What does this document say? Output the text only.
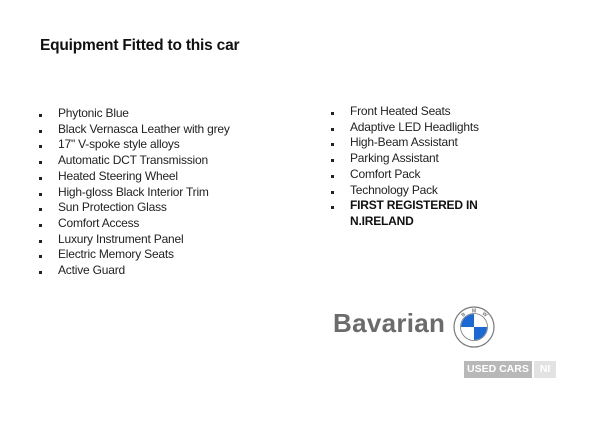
Equipment Fitted to this car
Phytonic Blue
Black Vernasca Leather with grey
17" V-spoke style alloys
Automatic DCT Transmission
Heated Steering Wheel
High-gloss Black Interior Trim
Sun Protection Glass
Comfort Access
Luxury Instrument Panel
Electric Memory Seats
Active Guard
Front Heated Seats
Adaptive LED Headlights
High-Beam Assistant
Parking Assistant
Comfort Pack
Technology Pack
FIRST REGISTERED IN N.IRELAND
Bavarian	B
M W
USED CARS	NI
